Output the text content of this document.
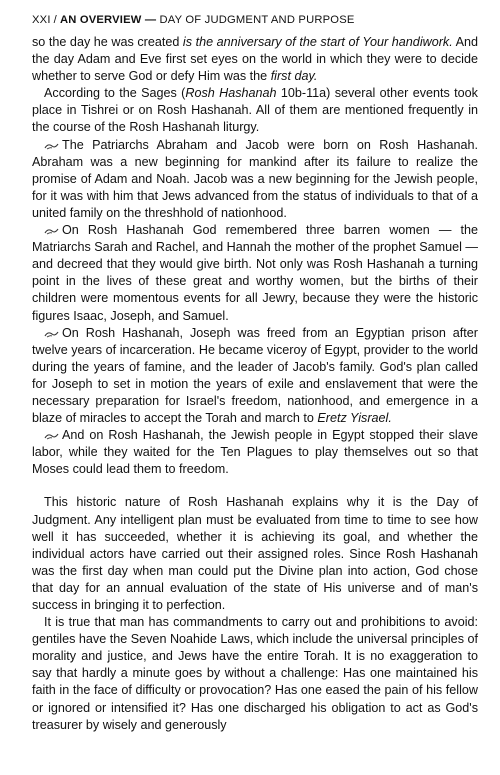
XXI / AN OVERVIEW — DAY OF JUDGMENT AND PURPOSE

so the day he was created is the anniversary of the start of Your handiwork. And the day Adam and Eve first set eyes on the world in which they were to decide whether to serve God or defy Him was the first day.

According to the Sages (Rosh Hashanah 10b-11a) several other events took place in Tishrei or on Rosh Hashanah. All of them are mentioned frequently in the course of the Rosh Hashanah liturgy.

The Patriarchs Abraham and Jacob were born on Rosh Hashanah. Abraham was a new beginning for mankind after its failure to realize the promise of Adam and Noah. Jacob was a new beginning for the Jewish people, for it was with him that Jews advanced from the status of individuals to that of a united family on the threshhold of nationhood.

On Rosh Hashanah God remembered three barren women — the Matriarchs Sarah and Rachel, and Hannah the mother of the prophet Samuel — and decreed that they would give birth. Not only was Rosh Hashanah a turning point in the lives of these great and worthy women, but the births of their children were momentous events for all Jewry, because they were the historic figures Isaac, Joseph, and Samuel.

On Rosh Hashanah, Joseph was freed from an Egyptian prison after twelve years of incarceration. He became viceroy of Egypt, provider to the world during the years of famine, and the leader of Jacob's family. God's plan called for Joseph to set in motion the years of exile and enslavement that were the necessary preparation for Israel's freedom, nationhood, and emergence in a blaze of miracles to accept the Torah and march to Eretz Yisrael.

And on Rosh Hashanah, the Jewish people in Egypt stopped their slave labor, while they waited for the Ten Plagues to play themselves out so that Moses could lead them to freedom.

This historic nature of Rosh Hashanah explains why it is the Day of Judgment. Any intelligent plan must be evaluated from time to time to see how well it has succeeded, whether it is achieving its goal, and whether the individual actors have carried out their assigned roles. Since Rosh Hashanah was the first day when man could put the Divine plan into action, God chose that day for an annual evaluation of the state of His universe and of man's success in bringing it to perfection.

It is true that man has commandments to carry out and prohibitions to avoid: gentiles have the Seven Noahide Laws, which include the universal principles of morality and justice, and Jews have the entire Torah. It is no exaggeration to say that hardly a minute goes by without a challenge: Has one maintained his faith in the face of difficulty or provocation? Has one eased the pain of his fellow or ignored or intensified it? Has one discharged his obligation to act as God's treasurer by wisely and generously
